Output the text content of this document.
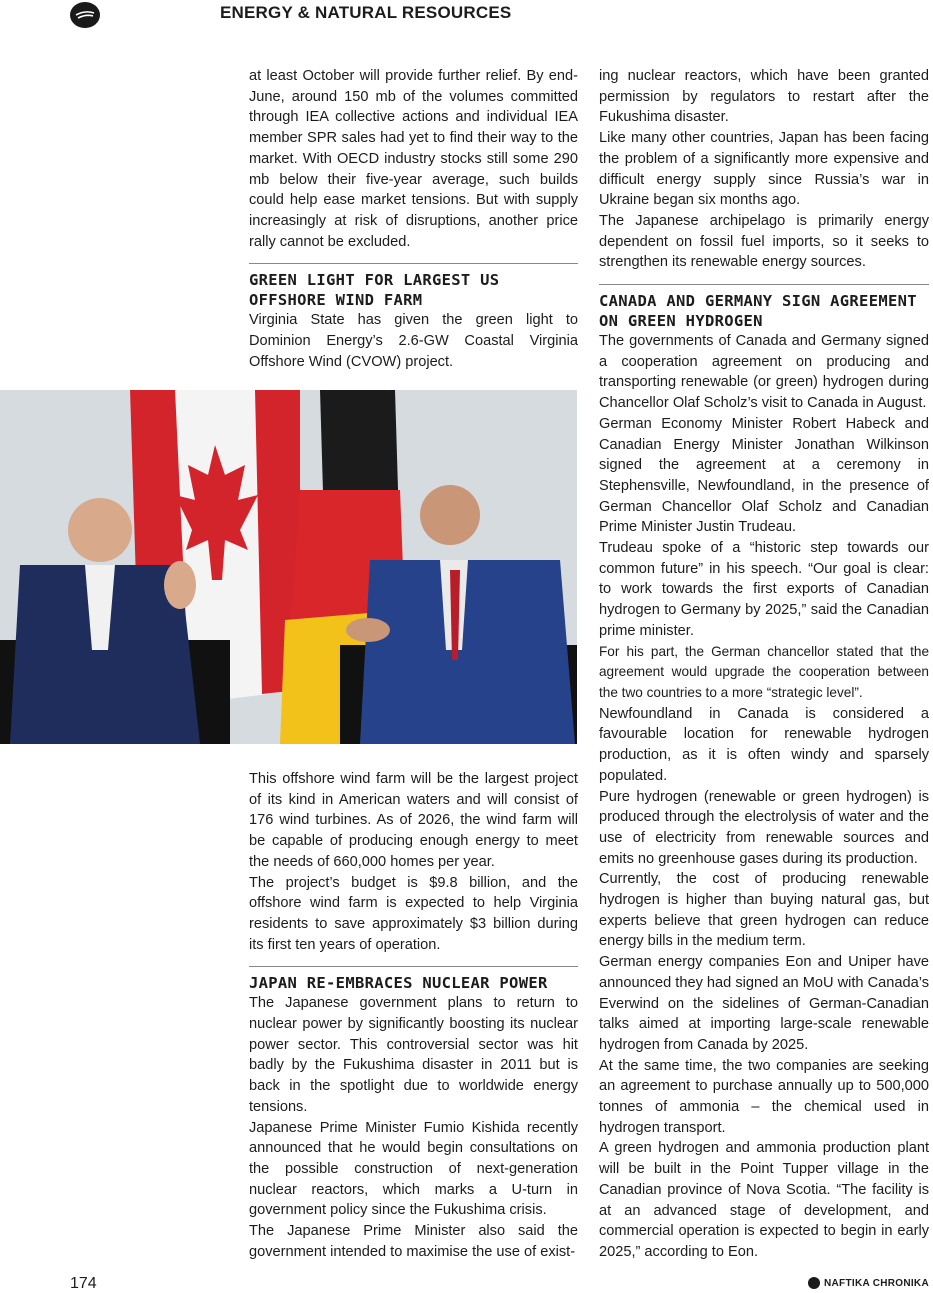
ENERGY & NATURAL RESOURCES

at least October will provide further relief. By end-June, around 150 mb of the volumes committed through IEA collective actions and individual IEA member SPR sales had yet to find their way to the market. With OECD industry stocks still some 290 mb below their five-year average, such builds could help ease market tensions. But with supply increasingly at risk of disruptions, another price rally cannot be excluded.

GREEN LIGHT FOR LARGEST US OFFSHORE WIND FARM

Virginia State has given the green light to Dominion Energy’s 2.6-GW Coastal Virginia Offshore Wind (CVOW) project.

This offshore wind farm will be the largest project of its kind in American waters and will consist of 176 wind turbines. As of 2026, the wind farm will be capable of producing enough energy to meet the needs of 660,000 homes per year.

The project’s budget is $9.8 billion, and the offshore wind farm is expected to help Virginia residents to save approximately $3 billion during its first ten years of operation.

JAPAN RE-EMBRACES NUCLEAR POWER

The Japanese government plans to return to nuclear power by significantly boosting its nuclear power sector. This controversial sector was hit badly by the Fukushima disaster in 2011 but is back in the spotlight due to worldwide energy tensions.

Japanese Prime Minister Fumio Kishida recently announced that he would begin consultations on the possible construction of next-generation nuclear reactors, which marks a U-turn in government policy since the Fukushima crisis.

The Japanese Prime Minister also said the government intended to maximise the use of exist-

ing nuclear reactors, which have been granted permission by regulators to restart after the Fukushima disaster.

Like many other countries, Japan has been facing the problem of a significantly more expensive and difficult energy supply since Russia’s war in Ukraine began six months ago.

The Japanese archipelago is primarily energy dependent on fossil fuel imports, so it seeks to strengthen its renewable energy sources.

CANADA AND GERMANY SIGN AGREEMENT ON GREEN HYDROGEN

The governments of Canada and Germany signed a cooperation agreement on producing and transporting renewable (or green) hydrogen during Chancellor Olaf Scholz’s visit to Canada in August.

German Economy Minister Robert Habeck and Canadian Energy Minister Jonathan Wilkinson signed the agreement at a ceremony in Stephensville, Newfoundland, in the presence of German Chancellor Olaf Scholz and Canadian Prime Minister Justin Trudeau.

Trudeau spoke of a “historic step towards our common future” in his speech. “Our goal is clear: to work towards the first exports of Canadian hydrogen to Germany by 2025,” said the Canadian prime minister.

For his part, the German chancellor stated that the agreement would upgrade the cooperation between the two countries to a more “strategic level”.

Newfoundland in Canada is considered a favourable location for renewable hydrogen production, as it is often windy and sparsely populated.

Pure hydrogen (renewable or green hydrogen) is produced through the electrolysis of water and the use of electricity from renewable sources and emits no greenhouse gases during its production.

Currently, the cost of producing renewable hydrogen is higher than buying natural gas, but experts believe that green hydrogen can reduce energy bills in the medium term.

German energy companies Eon and Uniper have announced they had signed an MoU with Canada’s Everwind on the sidelines of German-Canadian talks aimed at importing large-scale renewable hydrogen from Canada by 2025.

At the same time, the two companies are seeking an agreement to purchase annually up to 500,000 tonnes of ammonia – the chemical used in hydrogen transport.

A green hydrogen and ammonia production plant will be built in the Point Tupper village in the Canadian province of Nova Scotia. “The facility is at an advanced stage of development, and commercial operation is expected to begin in early 2025,” according to Eon.

174	NAFTIKA CHRONIKA
